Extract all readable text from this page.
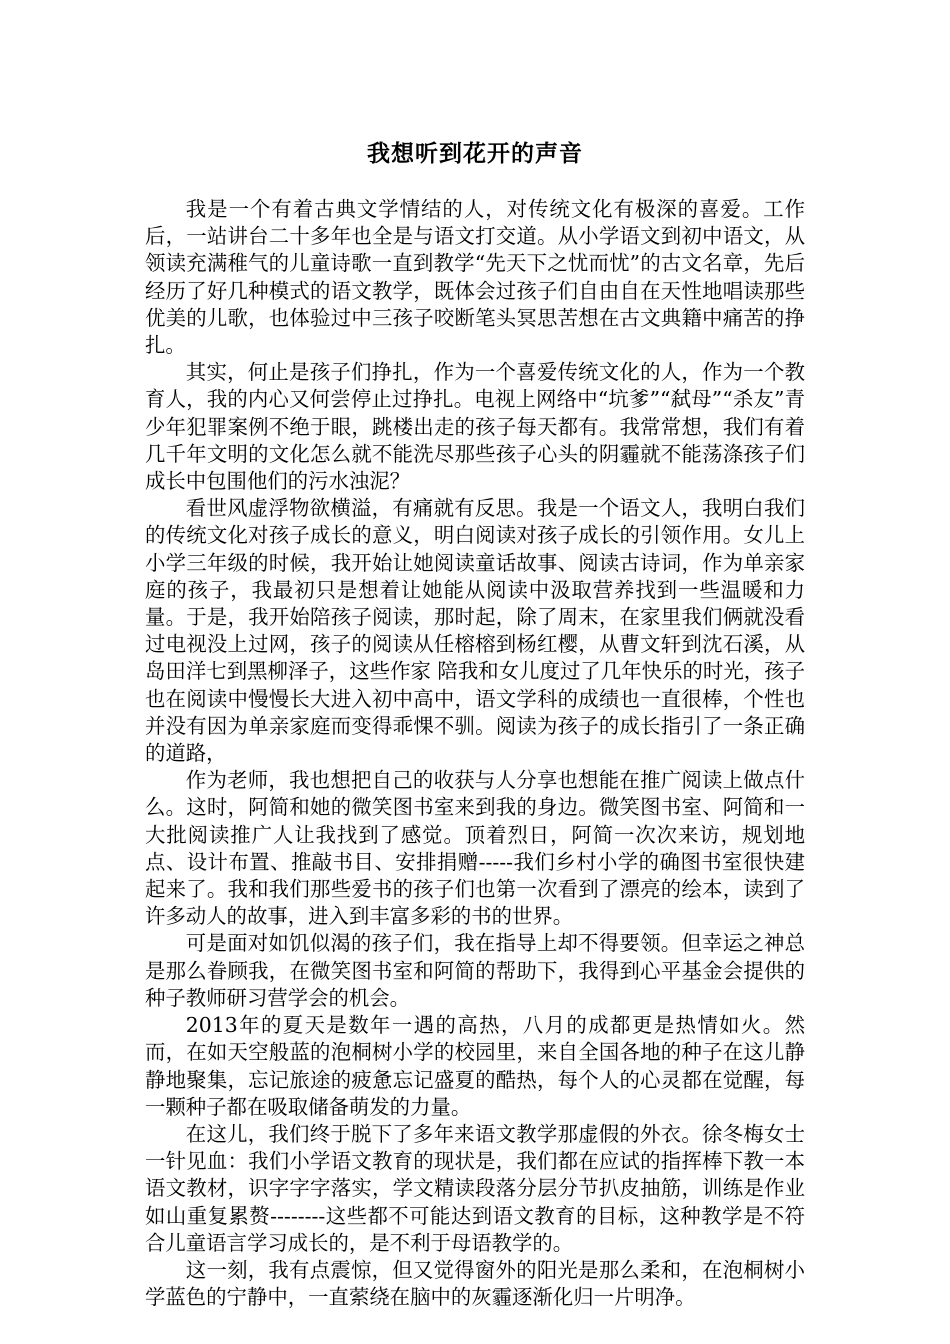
我想听到花开的声音

我是一个有着古典文学情结的人，对传统文化有极深的喜爱。工作后，一站讲台二十多年也全是与语文打交道。从小学语文到初中语文，从领读充满稚气的儿童诗歌一直到教学“先天下之忧而忧”的古文名章，先后经历了好几种模式的语文教学，既体会过孩子们自由自在天性地唱读那些优美的儿歌，也体验过中三孩子咬断笔头冥思苦想在古文典籍中痛苦的挣扎。

其实，何止是孩子们挣扎，作为一个喜爱传统文化的人，作为一个教育人，我的内心又何尝停止过挣扎。电视上网络中“坑爹”“弑母”“杀友”青少年犯罪案例不绝于眼，跳楼出走的孩子每天都有。我常常想，我们有着几千年文明的文化怎么就不能洗尽那些孩子心头的阴霾就不能荡涤孩子们成长中包围他们的污水浊泥？

看世风虚浮物欲横溢，有痛就有反思。我是一个语文人，我明白我们的传统文化对孩子成长的意义，明白阅读对孩子成长的引领作用。女儿上小学三年级的时候，我开始让她阅读童话故事、阅读古诗词，作为单亲家庭的孩子，我最初只是想着让她能从阅读中汲取营养找到一些温暖和力量。于是，我开始陪孩子阅读，那时起，除了周末，在家里我们俩就没看过电视没上过网，孩子的阅读从任榕榕到杨红樱，从曹文轩到沈石溪，从岛田洋七到黑柳泽子，这些作家 陪我和女儿度过了几年快乐的时光，孩子也在阅读中慢慢长大进入初中高中，语文学科的成绩也一直很棒，个性也并没有因为单亲家庭而变得乖惈不驯。阅读为孩子的成长指引了一条正确的道路，

作为老师，我也想把自己的收获与人分享也想能在推广阅读上做点什么。这时，阿简和她的微笑图书室来到我的身边。微笑图书室、阿简和一大批阅读推广人让我找到了感觉。顶着烈日，阿简一次次来访，规划地点、设计布置、推敲书目、安排捐赠-----我们乡村小学的确图书室很快建起来了。我和我们那些爱书的孩子们也第一次看到了漂亮的绘本，读到了许多动人的故事，进入到丰富多彩的书的世界。

可是面对如饥似渴的孩子们，我在指导上却不得要领。但幸运之神总是那么眷顾我，在微笑图书室和阿简的帮助下，我得到心平基金会提供的种子教师研习营学会的机会。

2013年的夏天是数年一遇的高热，八月的成都更是热情如火。然而，在如天空般蓝的泡桐树小学的校园里，来自全国各地的种子在这儿静静地聚集，忘记旅途的疲惫忘记盛夏的酷热，每个人的心灵都在觉醒，每一颗种子都在吸取储备萌发的力量。

在这儿，我们终于脱下了多年来语文教学那虚假的外衣。徐冬梅女士一针见血：我们小学语文教育的现状是，我们都在应试的指挥棒下教一本语文教材，识字字字落实，学文精读段落分层分节扒皮抽筋，训练是作业如山重复累赘--------这些都不可能达到语文教育的目标，这种教学是不符合儿童语言学习成长的，是不利于母语教学的。

这一刻，我有点震惊，但又觉得窗外的阳光是那么柔和，在泡桐树小学蓝色的宁静中，一直萦绕在脑中的灰霾逐渐化归一片明净。
